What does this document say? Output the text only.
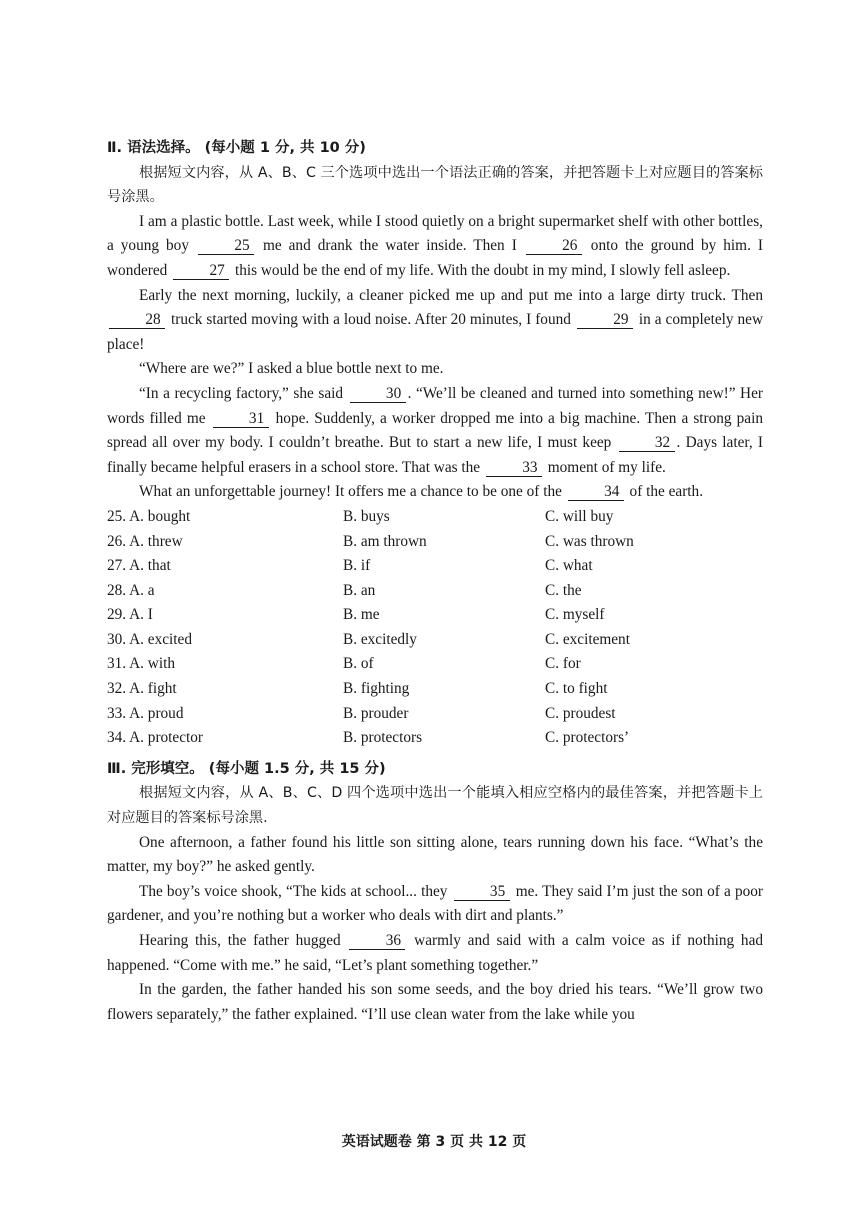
Ⅱ. 语法选择。 (每小题 1 分, 共 10 分)
根据短文内容，从 A、B、C 三个选项中选出一个语法正确的答案，并把答题卡上对应题目的答案标号涂黑。
I am a plastic bottle. Last week, while I stood quietly on a bright supermarket shelf with other bottles, a young boy	25 me and drank the water inside. Then I	26 onto the ground by him. I wondered	27 this would be the end of my life. With the doubt in my mind, I slowly fell asleep.
Early the next morning, luckily, a cleaner picked me up and put me into a large dirty truck. Then 28 truck started moving with a loud noise. After 20 minutes, I found	29 in a completely new place!
“Where are we?” I asked a blue bottle next to me.
“In a recycling factory,” she said	30 . “We’ll be cleaned and turned into something new!” Her words filled me	31 hope. Suddenly, a worker dropped me into a big machine. Then a strong pain spread all over my body. I couldn’t breathe. But to start a new life, I must keep	32 . Days later, I finally became helpful erasers in a school store. That was the	33 moment of my life.
What an unforgettable journey! It offers me a chance to be one of the	34 of the earth.
25. A. bought	B. buys	C. will buy
26. A. threw	B. am thrown	C. was thrown
27. A. that	B. if	C. what
28. A. a	B. an	C. the
29. A. I	B. me	C. myself
30. A. excited	B. excitedly	C. excitement
31. A. with	B. of	C. for
32. A. fight	B. fighting	C. to fight
33. A. proud	B. prouder	C. proudest
34. A. protector	B. protectors	C. protectors’
Ⅲ. 完形填空。 (每小题 1.5 分, 共 15 分)
根据短文内容，从 A、B、C、D 四个选项中选出一个能填入相应空格内的最佳答案，并把答题卡上对应题目的答案标号涂黑.
One afternoon, a father found his little son sitting alone, tears running down his face. “What’s the matter, my boy?” he asked gently.
The boy’s voice shook, “The kids at school... they	35 me. They said I’m just the son of a poor gardener, and you’re nothing but a worker who deals with dirt and plants.”
Hearing this, the father hugged	36 warmly and said with a calm voice as if nothing had happened. “Come with me.” he said, “Let’s plant something together.”
In the garden, the father handed his son some seeds, and the boy dried his tears. “We’ll grow two flowers separately,” the father explained. “I’ll use clean water from the lake while you
英语试题卷 第 3 页 共 12 页
